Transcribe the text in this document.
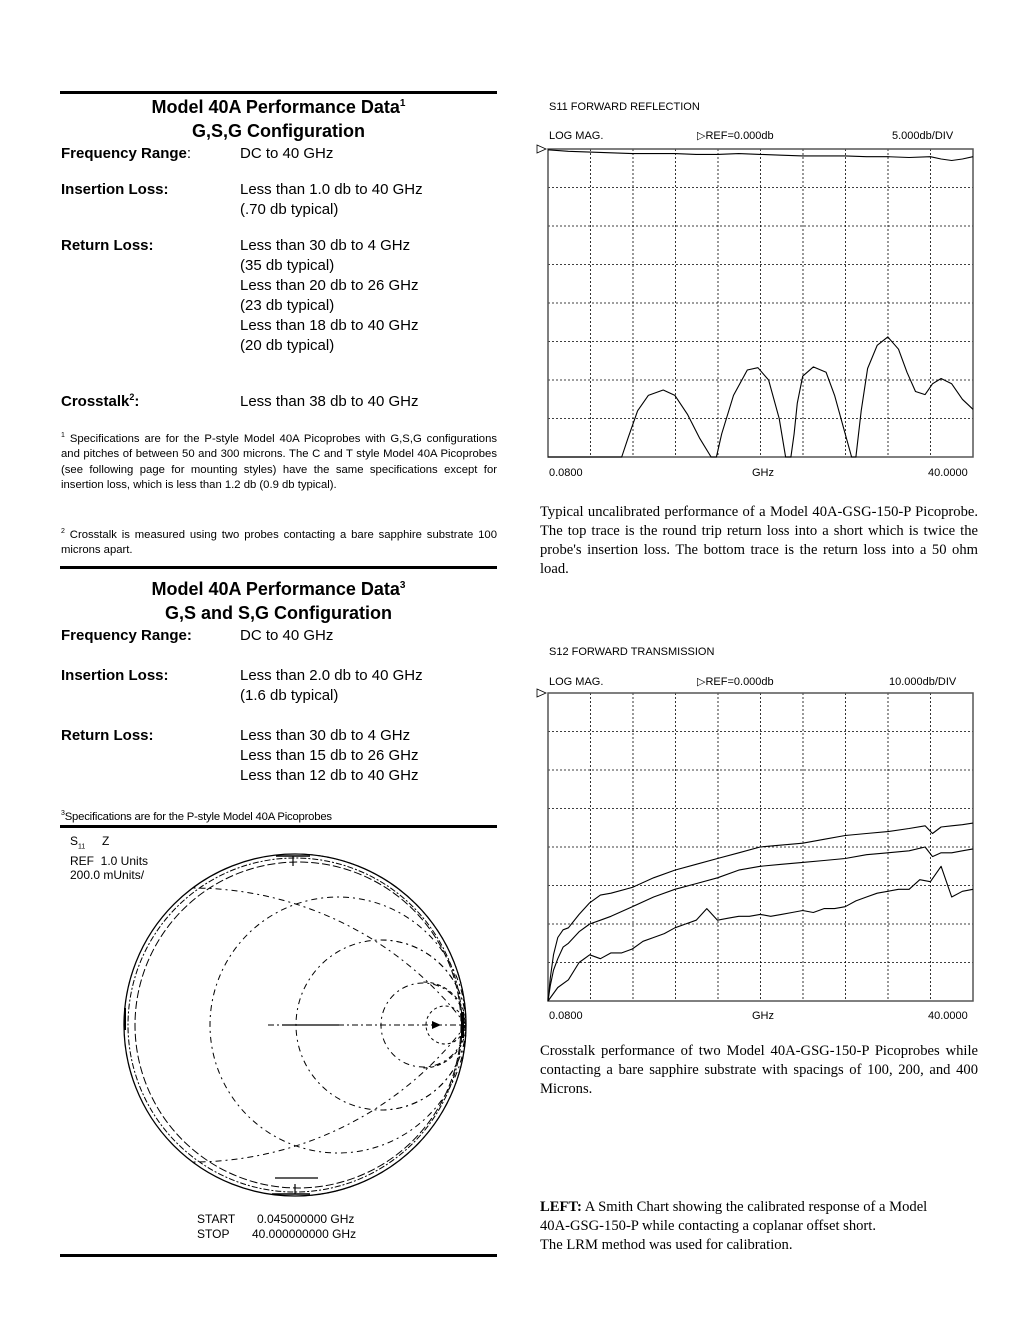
Model 40A Performance Data$^1$
G,S,G Configuration
Frequency Range:	DC to 40 GHz
Insertion Loss:	Less than 1.0 db to 40 GHz
(.70 db typical)
Return Loss:	Less than 30 db to 4 GHz
(35 db typical)
Less than 20 db to 26 GHz
(23 db typical)
Less than 18 db to 40 GHz
(20 db typical)
Crosstalk$^2$:	Less than 38 db to 40 GHz
$^1$ Specifications are for the P-style Model 40A Picoprobes with G,S,G configurations and pitches of between 50 and 300 microns. The C and T style Model 40A Picoprobes (see following page for mounting styles) have the same specifications except for insertion loss, which is less than 1.2 db (0.9 db typical).
$^2$ Crosstalk is measured using two probes contacting a bare sapphire substrate 100 microns apart.
Model 40A Performance Data$^3$
G,S and S,G Configuration
Frequency Range:	DC to 40 GHz
Insertion Loss:	Less than 2.0 db to 40 GHz
(1.6 db typical)
Return Loss:	Less than 30 db to 4 GHz
Less than 15 db to 26 GHz
Less than 12 db to 40 GHz
$^3$Specifications are for the P-style Model 40A Picoprobes
$S_{11}$ Z
REF  1.0 Units
200.0 mUnits/
START 0.045000000 GHz
STOP 40.000000000 GHz
S11 FORWARD REFLECTION
LOG MAG.	▷REF=0.000db	5.000db/DIV
0.0800	GHz	40.0000
Typical uncalibrated performance of a Model 40A-GSG-150-P Picoprobe. The top trace is the round trip return loss into a short which is twice the probe's insertion loss. The bottom trace is the return loss into a 50 ohm load.
S12 FORWARD TRANSMISSION
LOG MAG.	▷REF=0.000db	10.000db/DIV
0.0800	GHz	40.0000
Crosstalk performance of two Model 40A-GSG-150-P Picoprobes while contacting a bare sapphire substrate with spacings of 100, 200, and 400 Microns.
LEFT: A Smith Chart showing the calibrated response of a Model
40A-GSG-150-P while contacting a coplanar offset short.
The LRM method was used for calibration.
